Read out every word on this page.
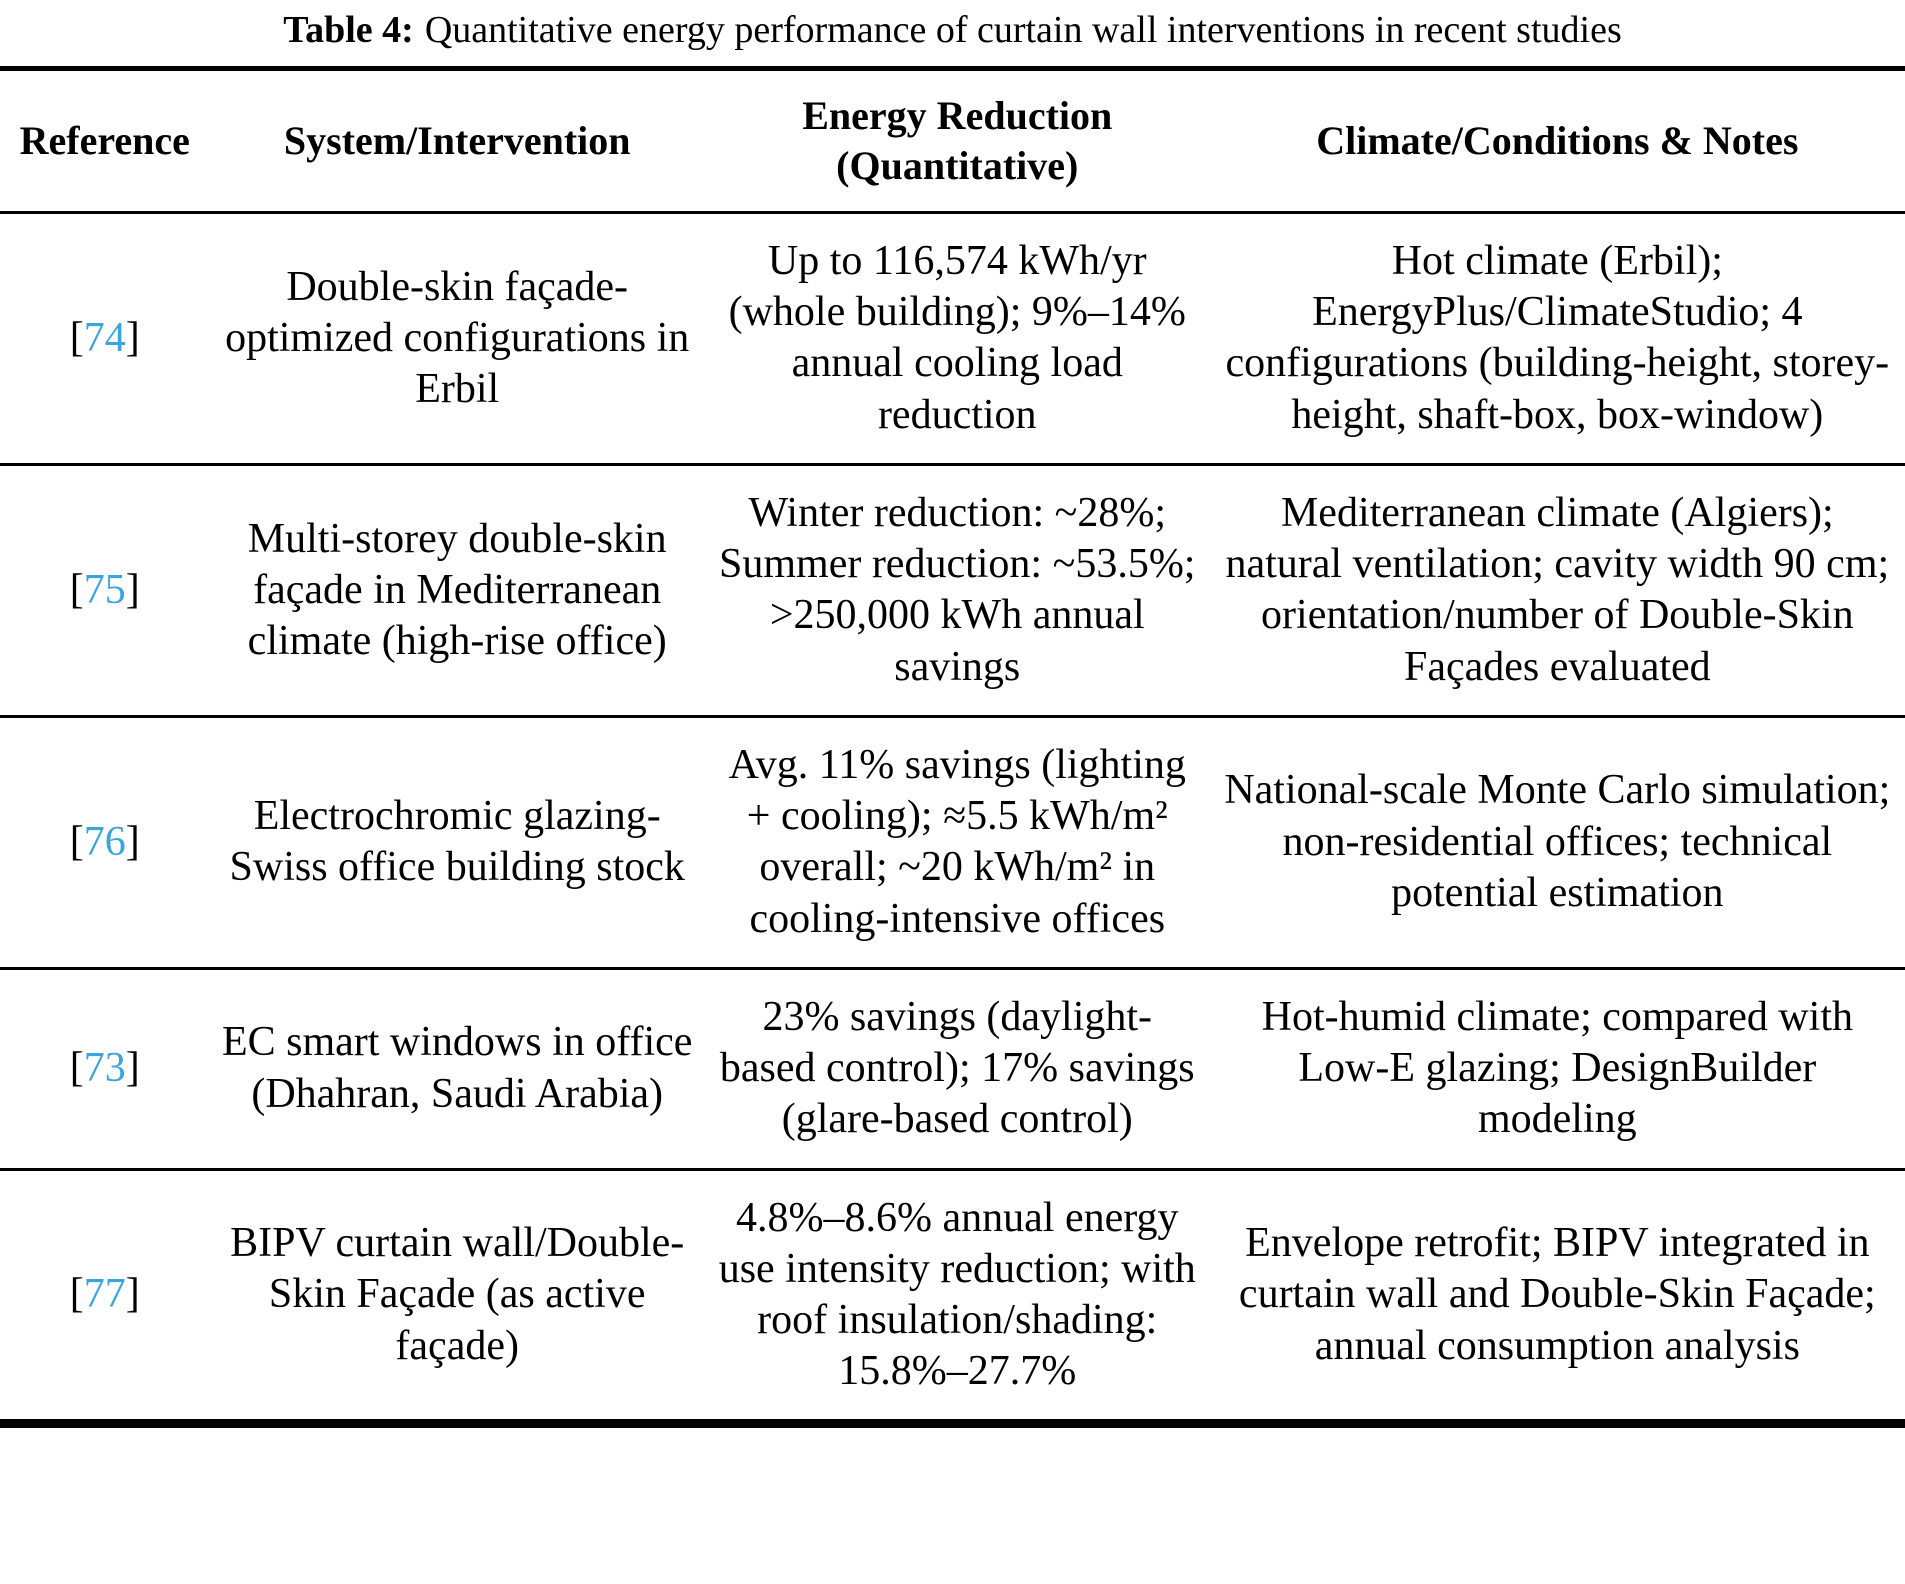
Table 4: Quantitative energy performance of curtain wall interventions in recent studies
Reference	System/Intervention	Energy Reduction (Quantitative)	Climate/Conditions & Notes
[74]	Double-skin façade-optimized configurations in Erbil	Up to 116,574 kWh/yr (whole building); 9%–14% annual cooling load reduction	Hot climate (Erbil); EnergyPlus/ClimateStudio; 4 configurations (building-height, storey-height, shaft-box, box-window)
[75]	Multi-storey double-skin façade in Mediterranean climate (high-rise office)	Winter reduction: ~28%; Summer reduction: ~53.5%; >250,000 kWh annual savings	Mediterranean climate (Algiers); natural ventilation; cavity width 90 cm; orientation/number of Double-Skin Façades evaluated
[76]	Electrochromic glazing-Swiss office building stock	Avg. 11% savings (lighting + cooling); ≈5.5 kWh/m² overall; ~20 kWh/m² in cooling-intensive offices	National-scale Monte Carlo simulation; non-residential offices; technical potential estimation
[73]	EC smart windows in office (Dhahran, Saudi Arabia)	23% savings (daylight-based control); 17% savings (glare-based control)	Hot-humid climate; compared with Low-E glazing; DesignBuilder modeling
[77]	BIPV curtain wall/Double-Skin Façade (as active façade)	4.8%–8.6% annual energy use intensity reduction; with roof insulation/shading: 15.8%–27.7%	Envelope retrofit; BIPV integrated in curtain wall and Double-Skin Façade; annual consumption analysis
